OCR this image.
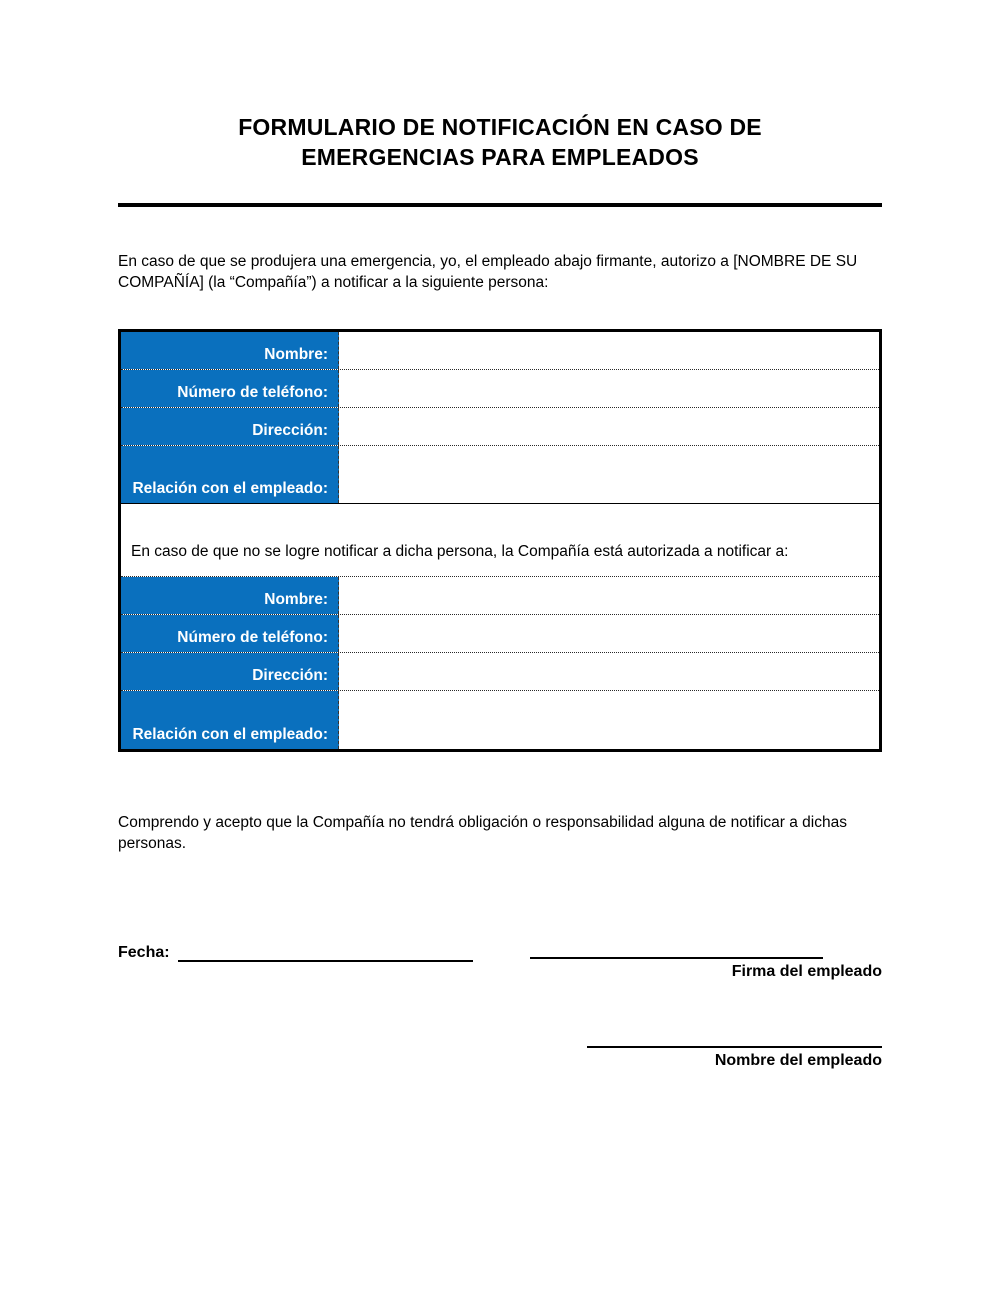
FORMULARIO DE NOTIFICACIÓN EN CASO DE EMERGENCIAS PARA EMPLEADOS

En caso de que se produjera una emergencia, yo, el empleado abajo firmante, autorizo a [NOMBRE DE SU COMPAÑÍA] (la “Compañía”) a notificar a la siguiente persona:

Nombre:
Número de teléfono:
Dirección:
Relación con el empleado:
En caso de que no se logre notificar a dicha persona, la Compañía está autorizada a notificar a:
Nombre:
Número de teléfono:
Dirección:
Relación con el empleado:

Comprendo y acepto que la Compañía no tendrá obligación o responsabilidad alguna de notificar a dichas personas.

Fecha:
Firma del empleado
Nombre del empleado
